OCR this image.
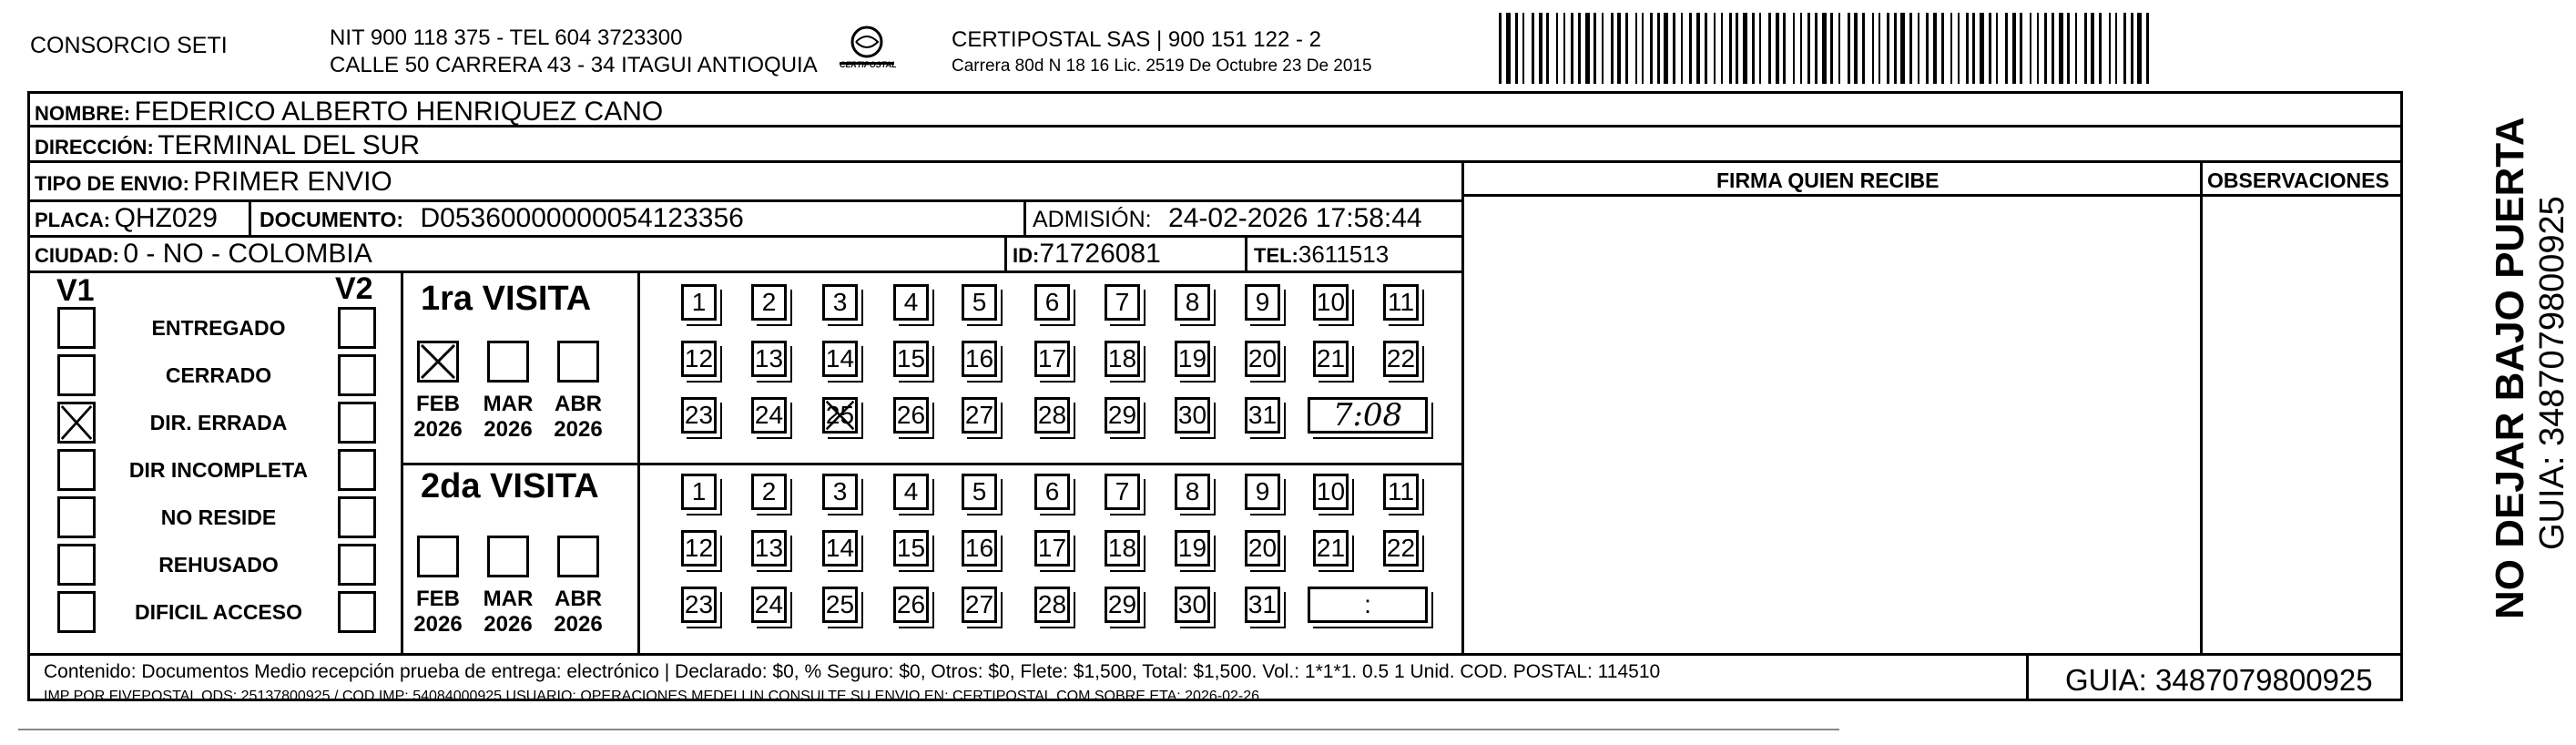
CONSORCIO SETI	NIT 900 118 375 - TEL 604 3723300
CALLE 50 CARRERA 43 - 34 ITAGUI ANTIOQUIA	CERTIPOSTAL
CERTIPOSTAL SAS | 900 151 122 - 2
Carrera 80d N 18 16 Lic. 2519 De Octubre 23 De 2015
NOMBRE: FEDERICO ALBERTO HENRIQUEZ CANO
DIRECCIÓN: TERMINAL DEL SUR
TIPO DE ENVIO: PRIMER ENVIO
PLACA: QHZ029 DOCUMENTO: D05360000000054123356	ADMISIÓN: 24-02-2026 17:58:44
CIUDAD: 0 - NO - COLOMBIA	ID:71726081	TEL:3611513
FIRMA QUIEN RECIBE	OBSERVACIONES
V1	V2
ENTREGADO
CERRADO
DIR. ERRADA
DIR INCOMPLETA
NO RESIDE
REHUSADO
DIFICIL ACCESO
1ra VISITA
2da VISITA
FEB
2026
MAR
2026
ABR
2026
1 2 3 4 5 6 7 8 9 10 11
12 13 14 15 16 17 18 19 20 21 22
23 24 25 26 27 28 29 30 31 7:08
FEB
2026
MAR
2026
ABR
2026
1 2 3 4 5 6 7 8 9 10 11
12 13 14 15 16 17 18 19 20 21 22
23 24 25 26 27 28 29 30 31	:
Contenido: Documentos Medio recepción prueba de entrega: electrónico | Declarado: $0, % Seguro: $0, Otros: $0, Flete: $1,500, Total: $1,500. Vol.: 1*1*1. 0.5 1 Unid. COD. POSTAL: 114510
IMP POR FIVEPOSTAL ODS: 25137800925 / COD.IMP: 54084000925 USUARIO: OPERACIONES MEDELLIN CONSULTE SU ENVIO EN: CERTIPOSTAL.COM SOBRE ETA: 2026-02-26	GUIA: 3487079800925
NO DEJAR BAJO PUERTA GUIA: 3487079800925
